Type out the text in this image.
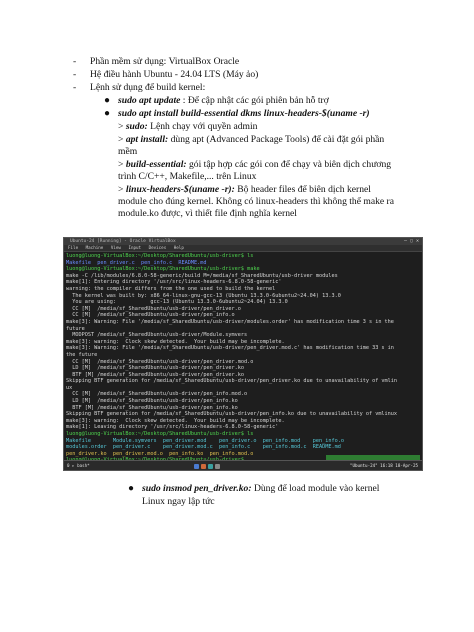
- Phần mềm sử dụng: VirtualBox Oracle
- Hệ điều hành Ubuntu - 24.04 LTS (Máy ảo)
- Lệnh sử dụng để build kernel:
● sudo apt update : Để cập nhật các gói phiên bản hỗ trợ
● sudo apt install build-essential dkms linux-headers-$(uname -r)
> sudo: Lệnh chạy với quyền admin
> apt install: dùng apt (Advanced Package Tools) để cài đặt gói phần
mềm
> build-essential: gói tập hợp các gói con để chạy và biên dịch chương
trình C/C++, Makefile,... trên Linux
> linux-headers-$(uname -r): Bộ header files để biên dịch kernel
module cho đúng kernel. Không có linux-headers thì không thể make ra
module.ko được, vì thiết file định nghĩa kernel
Ubuntu-24 [Running] - Oracle VirtualBox	— ▢ ✕
File Machine View Input Devices Help
luong@luong-VirtualBox:~/Desktop/SharedUbuntu/usb-driver$ ls
Makefile  pen_driver.c  pen_info.c  README.md
luong@luong-VirtualBox:~/Desktop/SharedUbuntu/usb-driver$ make
make -C /lib/modules/6.8.0-58-generic/build M=/media/sf_SharedUbuntu/usb-driver modules
make[1]: Entering directory '/usr/src/linux-headers-6.8.0-58-generic'
warning: the compiler differs from the one used to build the kernel
The kernel was built by: x86_64-linux-gnu-gcc-13 (Ubuntu 13.3.0-6ubuntu2~24.04) 13.3.0
You are using:           gcc-13 (Ubuntu 13.3.0-6ubuntu2~24.04) 13.3.0
CC [M]  /media/sf_SharedUbuntu/usb-driver/pen_driver.o
CC [M]  /media/sf_SharedUbuntu/usb-driver/pen_info.o
make[3]: Warning: File '/media/sf_SharedUbuntu/usb-driver/modules.order' has modification time 3 s in the
future
MODPOST /media/sf_SharedUbuntu/usb-driver/Module.symvers
make[3]: warning:  Clock skew detected.  Your build may be incomplete.
make[3]: Warning: File '/media/sf_SharedUbuntu/usb-driver/pen_driver.mod.c' has modification time 33 s in
the future
CC [M]  /media/sf_SharedUbuntu/usb-driver/pen_driver.mod.o
LD [M]  /media/sf_SharedUbuntu/usb-driver/pen_driver.ko
BTF [M] /media/sf_SharedUbuntu/usb-driver/pen_driver.ko
Skipping BTF generation for /media/sf_SharedUbuntu/usb-driver/pen_driver.ko due to unavailability of vmlin
ux
CC [M]  /media/sf_SharedUbuntu/usb-driver/pen_info.mod.o
LD [M]  /media/sf_SharedUbuntu/usb-driver/pen_info.ko
BTF [M] /media/sf_SharedUbuntu/usb-driver/pen_info.ko
Skipping BTF generation for /media/sf_SharedUbuntu/usb-driver/pen_info.ko due to unavailability of vmlinux
make[3]: warning:  Clock skew detected.  Your build may be incomplete.
make[1]: Leaving directory '/usr/src/linux-headers-6.8.0-58-generic'
luong@luong-VirtualBox:~/Desktop/SharedUbuntu/usb-driver$ ls
Makefile       Module.symvers  pen_driver.mod    pen_driver.o  pen_info.mod    pen_info.o
modules.order  pen_driver.c    pen_driver.mod.c  pen_info.c    pen_info.mod.c  README.md
pen_driver.ko  pen_driver.mod.o  pen_info.ko  pen_info.mod.o
0 ▸ bash*	"Ubuntu-24" 16:18 18-Apr-25
● sudo insmod pen_driver.ko: Dùng để load module vào kernel
Linux ngay lập tức
